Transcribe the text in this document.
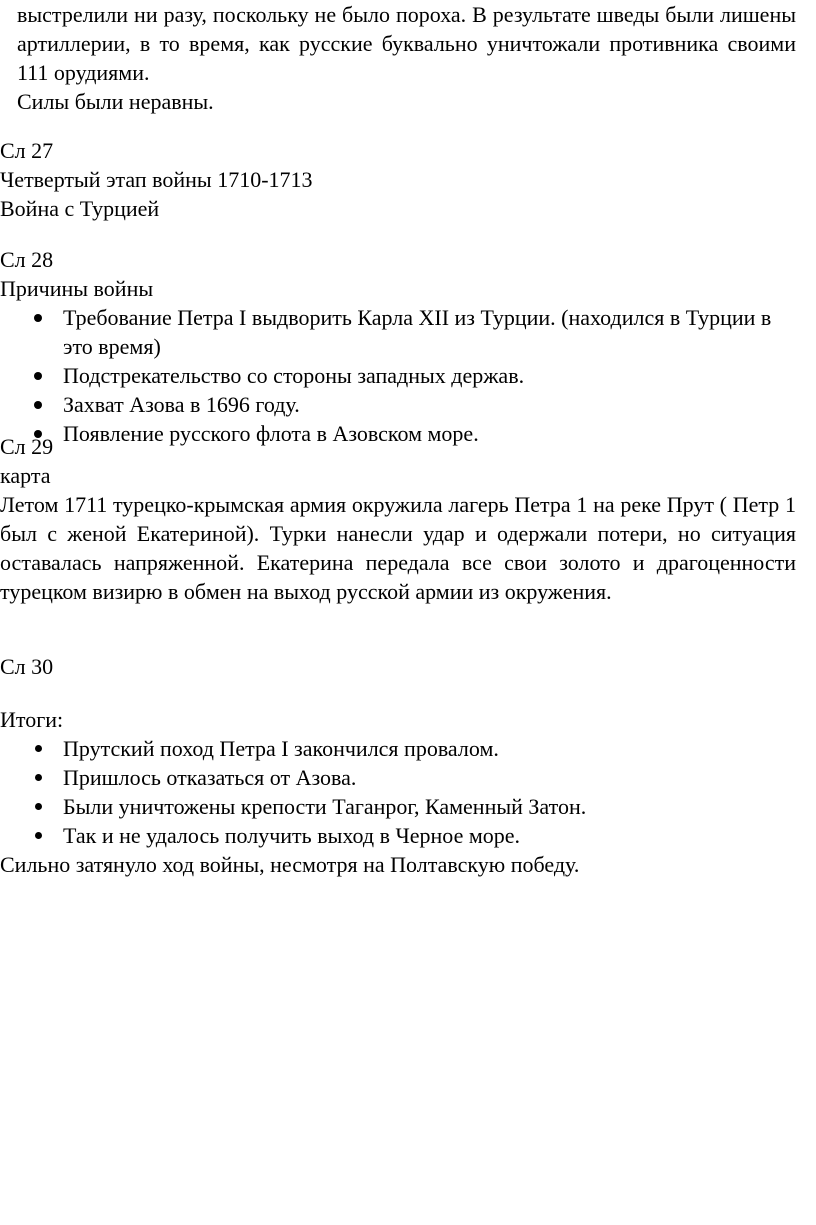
выстрелили ни разу, поскольку не было пороха. В результате шведы были лишены артиллерии, в то время, как русские буквально уничтожали противника своими 111 орудиями.

Силы были неравны.

Сл 27

Четвертый этап войны 1710-1713

Война с Турцией

Сл 28

Причины войны

Требование Петра I выдворить Карла XII из Турции. (находился в Турции в это время)
Подстрекательство со стороны западных держав.
Захват Азова в 1696 году.
Появление русского флота в Азовском море.

Сл 29

карта

Летом 1711 турецко-крымская армия окружила лагерь Петра 1 на реке Прут ( Петр 1 был с женой Екатериной). Турки нанесли удар и одержали потери, но ситуация оставалась напряженной. Екатерина передала все свои золото и драгоценности турецком визирю в обмен на выход русской армии из окружения.

Сл 30

Итоги:

Прутский поход Петра I закончился провалом.
Пришлось отказаться от Азова.
Были уничтожены крепости Таганрог, Каменный Затон.
Так и не удалось получить выход в Черное море.

Сильно затянуло ход войны, несмотря на Полтавскую победу.
